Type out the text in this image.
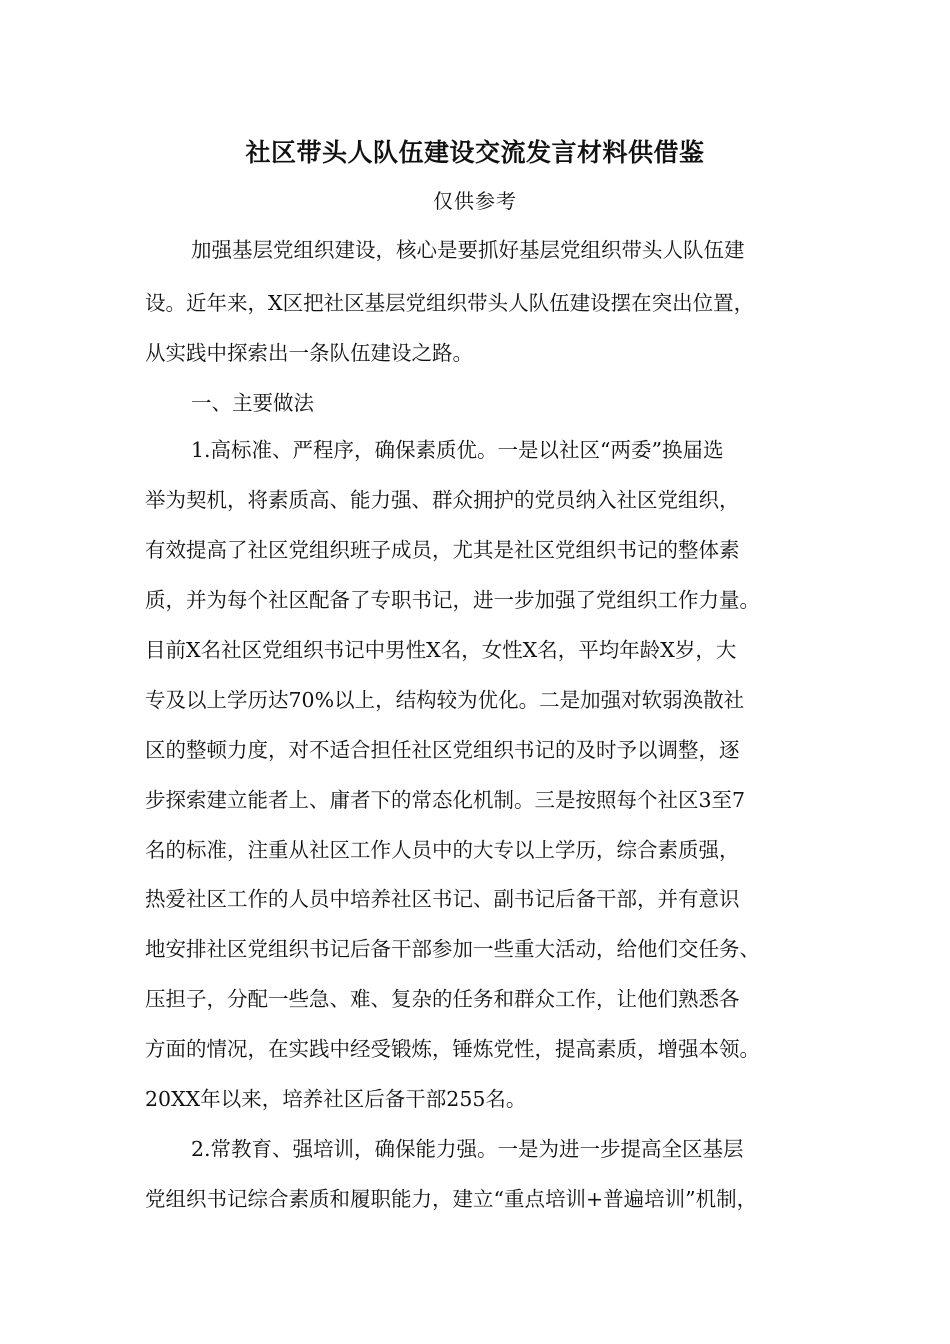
社区带头人队伍建设交流发言材料供借鉴
仅供参考
加强基层党组织建设，核心是要抓好基层党组织带头人队伍建
设。近年来，X区把社区基层党组织带头人队伍建设摆在突出位置，
从实践中探索出一条队伍建设之路。
一、主要做法
1.高标准、严程序，确保素质优。一是以社区“两委”换届选
举为契机，将素质高、能力强、群众拥护的党员纳入社区党组织，
有效提高了社区党组织班子成员，尤其是社区党组织书记的整体素
质，并为每个社区配备了专职书记，进一步加强了党组织工作力量。
目前X名社区党组织书记中男性X名，女性X名，平均年龄X岁，大
专及以上学历达70%以上，结构较为优化。二是加强对软弱涣散社
区的整顿力度，对不适合担任社区党组织书记的及时予以调整，逐
步探索建立能者上、庸者下的常态化机制。三是按照每个社区3至7
名的标准，注重从社区工作人员中的大专以上学历，综合素质强，
热爱社区工作的人员中培养社区书记、副书记后备干部，并有意识
地安排社区党组织书记后备干部参加一些重大活动，给他们交任务、
压担子，分配一些急、难、复杂的任务和群众工作，让他们熟悉各
方面的情况，在实践中经受锻炼，锤炼党性，提高素质，增强本领。
20XX年以来，培养社区后备干部255名。
2.常教育、强培训，确保能力强。一是为进一步提高全区基层
党组织书记综合素质和履职能力，建立“重点培训+普遍培训”机制，
